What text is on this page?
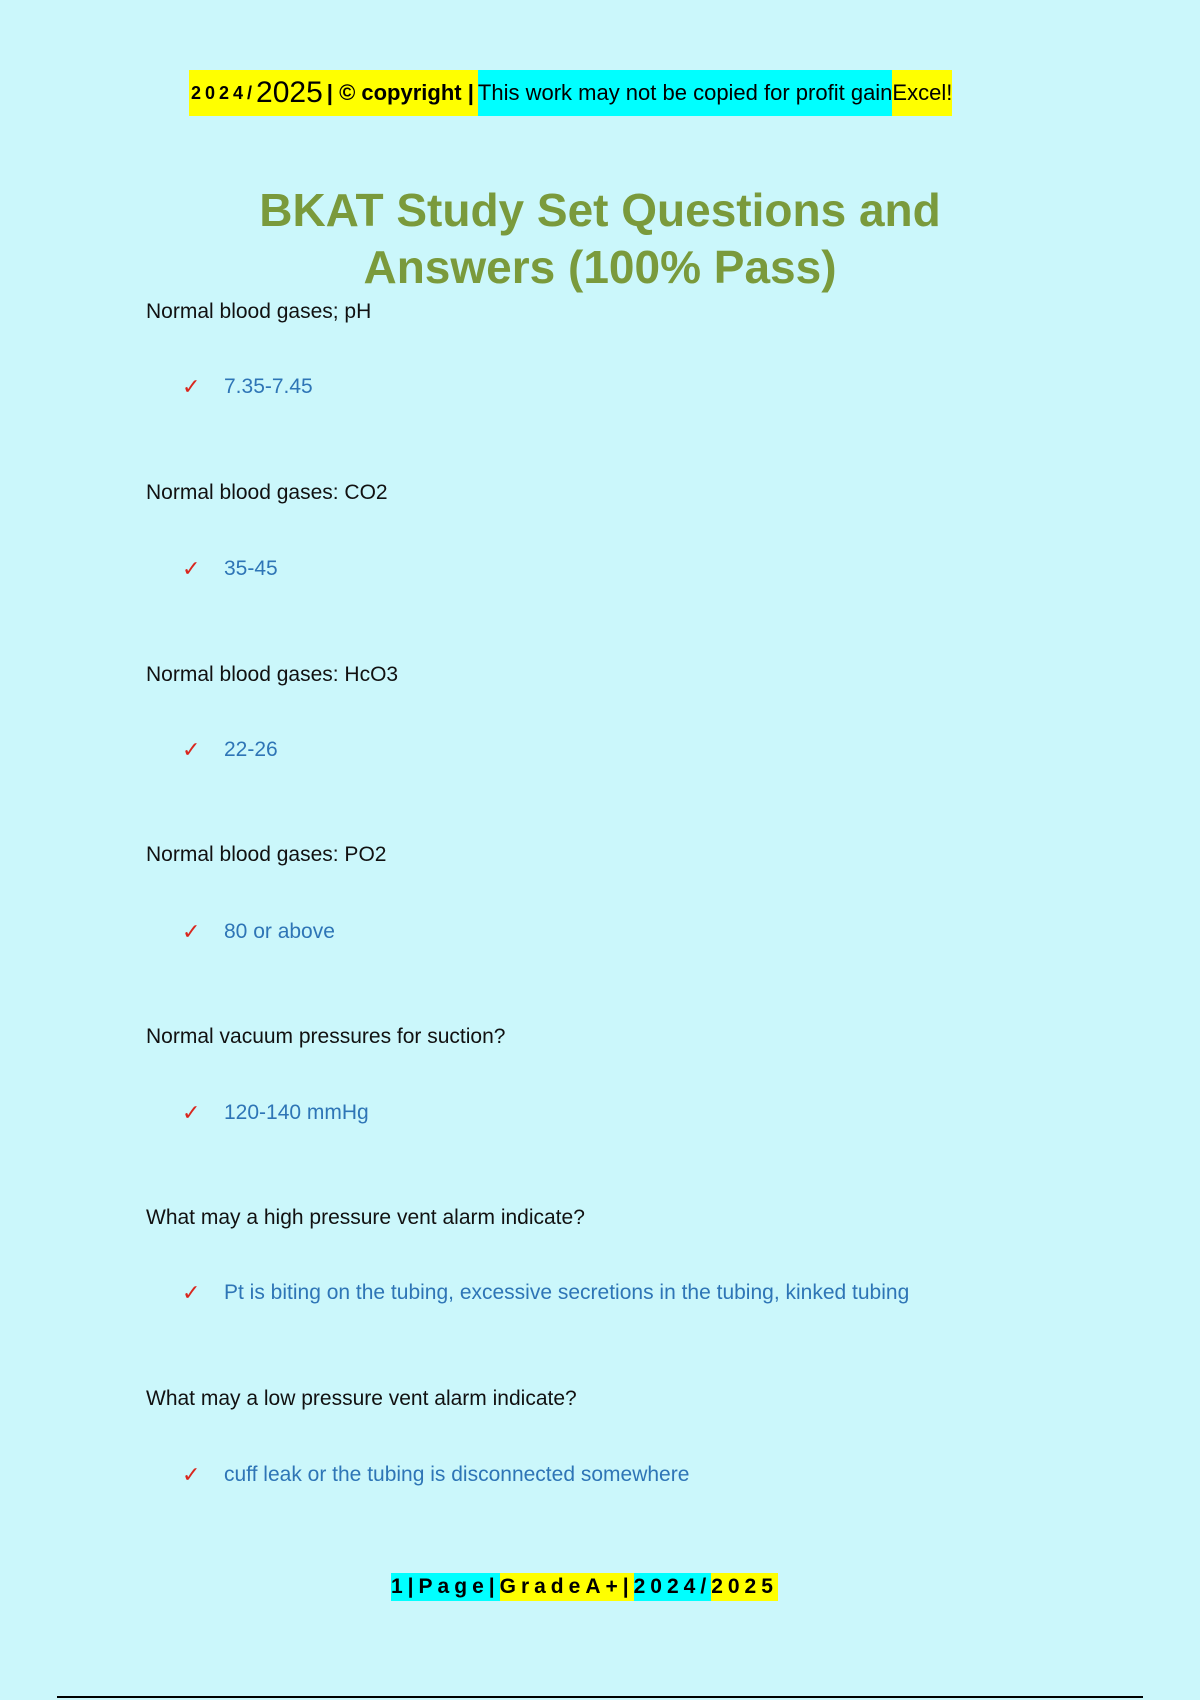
2024/ 2025 | © copyright | This work may not be copied for profit gain Excel!
BKAT Study Set Questions and
Answers (100% Pass)
Normal blood gases; pH
✓	7.35-7.45
Normal blood gases: CO2
✓	35-45
Normal blood gases: HcO3
✓	22-26
Normal blood gases: PO2
✓	80 or above
Normal vacuum pressures for suction?
✓	120-140 mmHg
What may a high pressure vent alarm indicate?
✓	Pt is biting on the tubing, excessive secretions in the tubing, kinked tubing
What may a low pressure vent alarm indicate?
✓	cuff leak or the tubing is disconnected somewhere
1|Page| GradeA+| 2024/ 2025
